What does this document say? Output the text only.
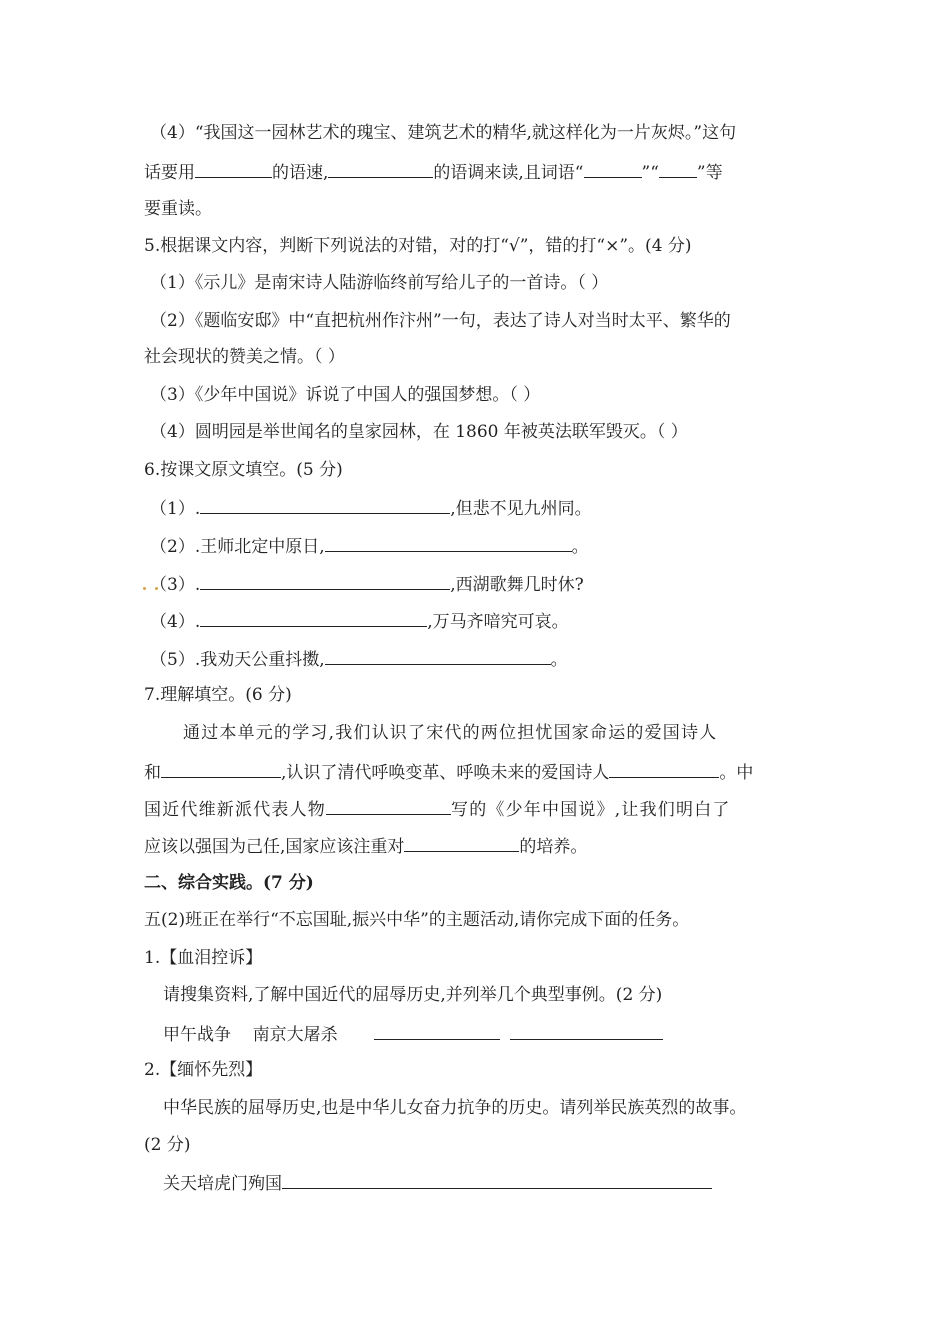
（4）“我国这一园林艺术的瑰宝、建筑艺术的精华,就这样化为一片灰烬。”这句
话要用	的语速,	的语调来读,且词语“	”“ ”等
要重读。
5.根据课文内容，判断下列说法的对错，对的打“√”，错的打“×”。(4 分)
（1）《示儿》是南宋诗人陆游临终前写给儿子的一首诗。（ ）
（2）《题临安邸》中“直把杭州作汴州”一句，表达了诗人对当时太平、繁华的
社会现状的赞美之情。（ ）
（3）《少年中国说》诉说了中国人的强国梦想。（ ）
（4）圆明园是举世闻名的皇家园林，在 1860 年被英法联军毁灭。（ ）
6.按课文原文填空。(5 分)
（1）.	,但悲不见九州同。
（2）.王师北定中原日,	。
（3）.	,西湖歌舞几时休?
（4）.	,万马齐喑究可哀。
（5）.我劝天公重抖擞,	。
7.理解填空。(6 分)
通过本单元的学习,我们认识了宋代的两位担忧国家命运的爱国诗人
和	,认识了清代呼唤变革、呼唤未来的爱国诗人	。中
国近代维新派代表人物	写的《少年中国说》,让我们明白了
应该以强国为己任,国家应该注重对	的培养。
二、综合实践。(7 分)
五(2)班正在举行“不忘国耻,振兴中华”的主题活动,请你完成下面的任务。
1.【血泪控诉】
请搜集资料,了解中国近代的屈辱历史,并列举几个典型事例。(2 分)
甲午战争    南京大屠杀
2.【缅怀先烈】
中华民族的屈辱历史,也是中华儿女奋力抗争的历史。请列举民族英烈的故事。
(2 分)
关天培虎门殉国
